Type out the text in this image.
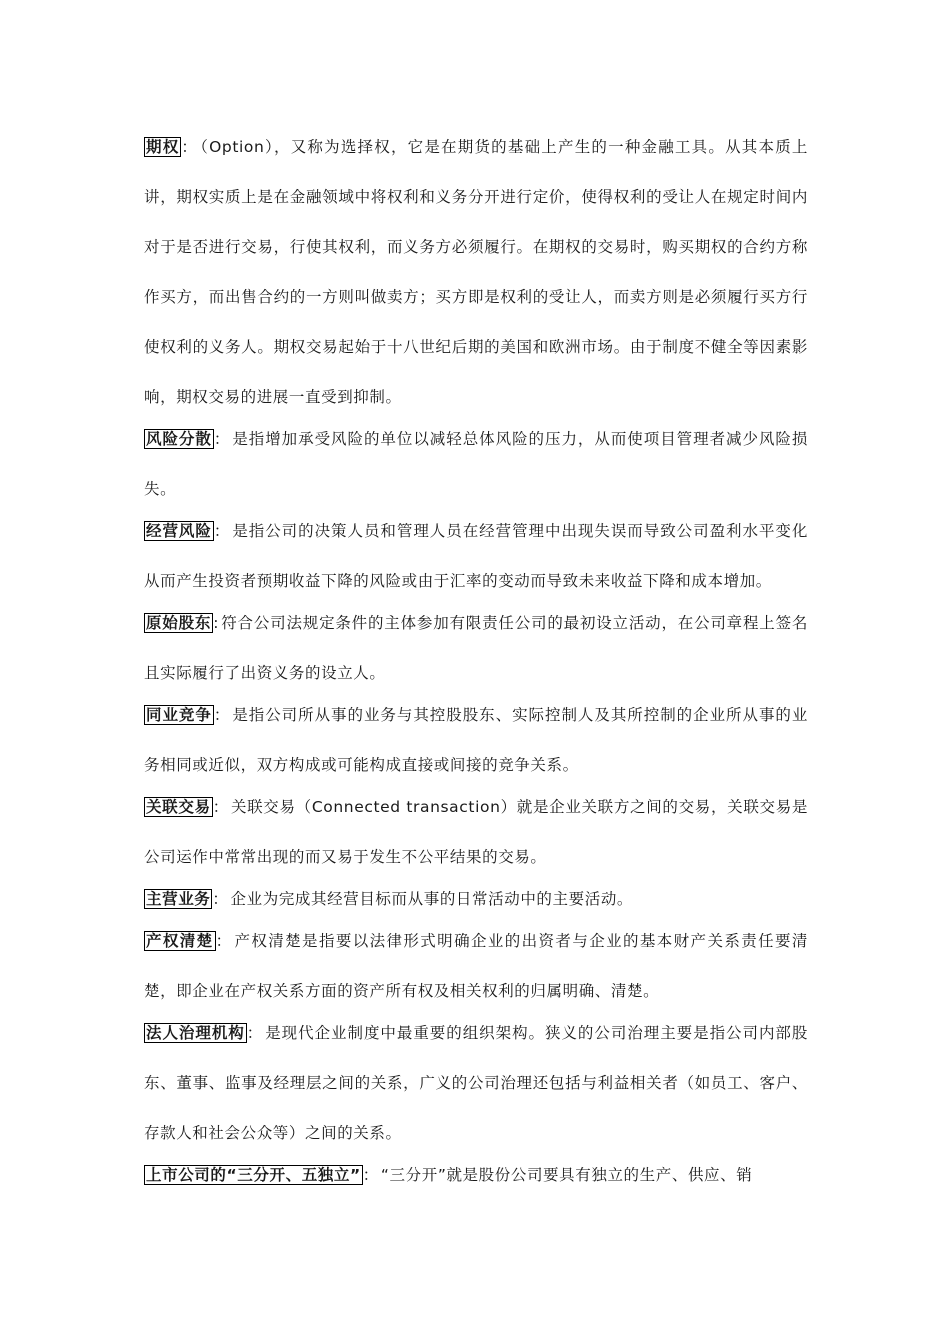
期权 ： （Option），又称为选择权，它是在期货的基础上产生的一种金融工具。从其本质上讲，期权实质上是在金融领域中将权利和义务分开进行定价，使得权利的受让人在规定时间内对于是否进行交易，行使其权利，而义务方必须履行。在期权的交易时，购买期权的合约方称作买方，而出售合约的一方则叫做卖方；买方即是权利的受让人，而卖方则是必须履行买方行使权利的义务人。期权交易起始于十八世纪后期的美国和欧洲市场。由于制度不健全等因素影响，期权交易的进展一直受到抑制。

风险分散 ： 是指增加承受风险的单位以减轻总体风险的压力，从而使项目管理者减少风险损失。

经营风险 ： 是指公司的决策人员和管理人员在经营管理中出现失误而导致公司盈利水平变化从而产生投资者预期收益下降的风险或由于汇率的变动而导致未来收益下降和成本增加。

原始股东 : 符合公司法规定条件的主体参加有限责任公司的最初设立活动，在公司章程上签名且实际履行了出资义务的设立人。

同业竞争 ： 是指公司所从事的业务与其控股股东、实际控制人及其所控制的企业所从事的业务相同或近似，双方构成或可能构成直接或间接的竞争关系。

关联交易 ： 关联交易（Connected transaction）就是企业关联方之间的交易，关联交易是公司运作中常常出现的而又易于发生不公平结果的交易。

主营业务 ： 企业为完成其经营目标而从事的日常活动中的主要活动。

产权清楚 ： 产权清楚是指要以法律形式明确企业的出资者与企业的基本财产关系责任要清楚，即企业在产权关系方面的资产所有权及相关权利的归属明确、清楚。

法人治理机构 ： 是现代企业制度中最重要的组织架构。狭义的公司治理主要是指公司内部股东、董事、监事及经理层之间的关系，广义的公司治理还包括与利益相关者（如员工、客户、存款人和社会公众等）之间的关系。

上市公司的“三分开、五独立” ： “三分开”就是股份公司要具有独立的生产、供应、销
